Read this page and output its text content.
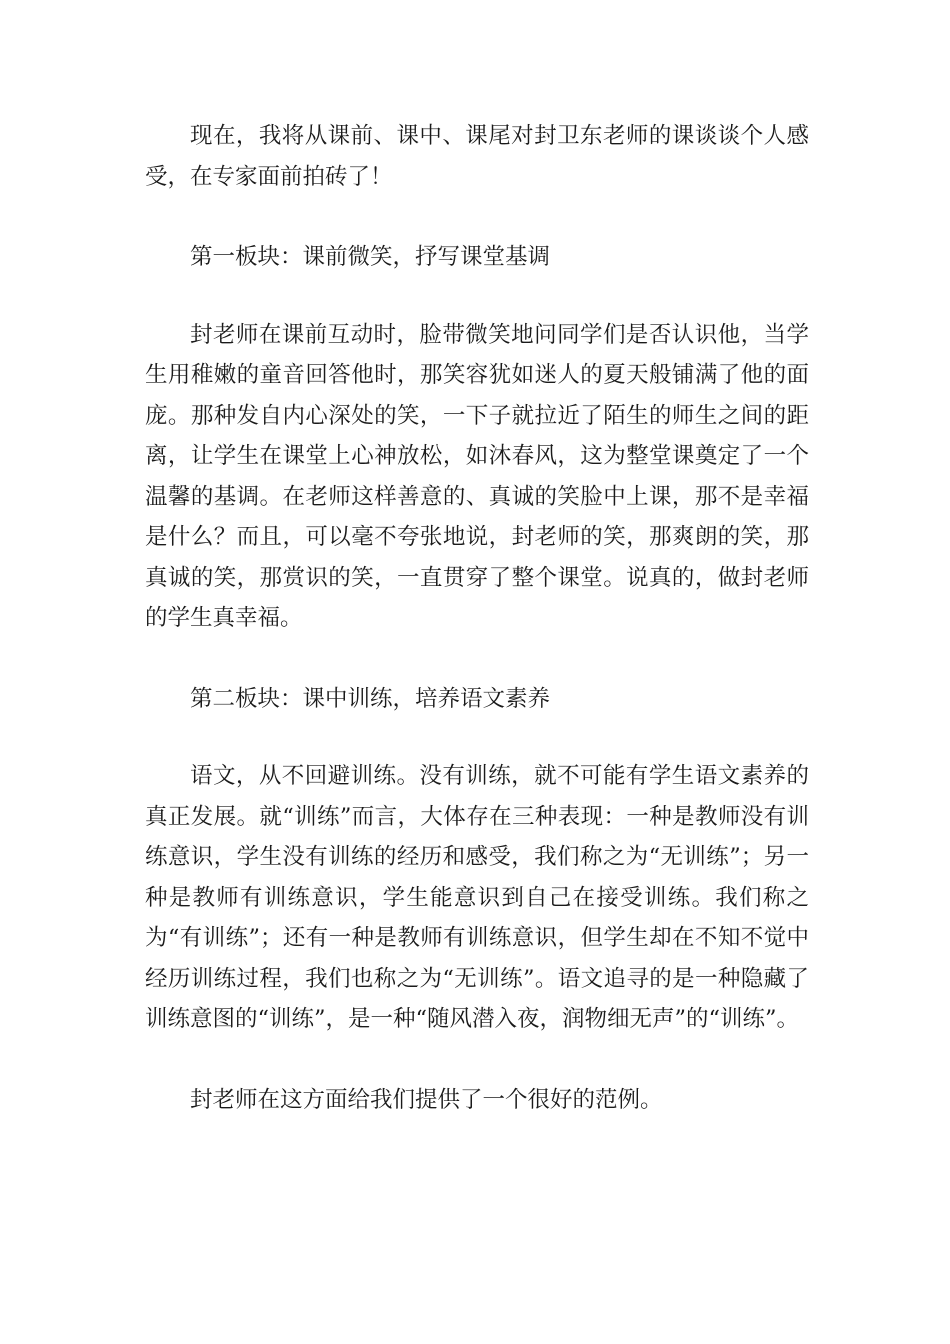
现在，我将从课前、课中、课尾对封卫东老师的课谈谈个人感受，在专家面前拍砖了！

第一板块：课前微笑，抒写课堂基调

封老师在课前互动时，脸带微笑地问同学们是否认识他，当学生用稚嫩的童音回答他时，那笑容犹如迷人的夏天般铺满了他的面庞。那种发自内心深处的笑，一下子就拉近了陌生的师生之间的距离，让学生在课堂上心神放松，如沐春风，这为整堂课奠定了一个温馨的基调。在老师这样善意的、真诚的笑脸中上课，那不是幸福是什么？而且，可以毫不夸张地说，封老师的笑，那爽朗的笑，那真诚的笑，那赏识的笑，一直贯穿了整个课堂。说真的，做封老师的学生真幸福。

第二板块：课中训练，培养语文素养

语文，从不回避训练。没有训练，就不可能有学生语文素养的真正发展。就“训练”而言，大体存在三种表现：一种是教师没有训练意识，学生没有训练的经历和感受，我们称之为“无训练”；另一种是教师有训练意识，学生能意识到自己在接受训练。我们称之为“有训练”；还有一种是教师有训练意识，但学生却在不知不觉中经历训练过程，我们也称之为“无训练”。语文追寻的是一种隐藏了训练意图的“训练”，是一种“随风潜入夜，润物细无声”的“训练”。

封老师在这方面给我们提供了一个很好的范例。
